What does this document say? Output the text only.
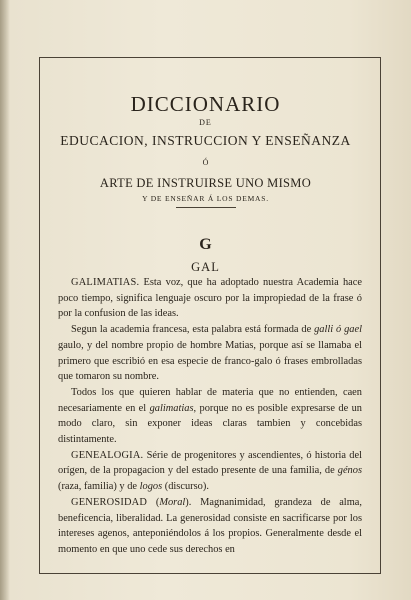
DICCIONARIO
DE
EDUCACION, INSTRUCCION Y ENSEÑANZA
Ó
ARTE DE INSTRUIRSE UNO MISMO
Y DE ENSEÑAR Á LOS DEMAS.
G
GAL

GALIMATIAS. Esta voz, que ha adoptado nuestra Academia hace poco tiempo, significa lenguaje oscuro por la impropiedad de la frase ó por la confusion de las ideas.

Segun la academia francesa, esta palabra está formada de galli ó gael gaulo, y del nombre propio de hombre Matias, porque así se llamaba el primero que escribió en esa especie de franco-galo ó frases embrolladas que tomaron su nombre.

Todos los que quieren hablar de materia que no entienden, caen necesariamente en el galimatias, porque no es posible expresarse de un modo claro, sin exponer ideas claras tambien y concebidas distintamente.

GENEALOGIA. Série de progenitores y ascendientes, ó historia del orígen, de la propagacion y del estado presente de una familia, de génos (raza, familia) y de logos (discurso).

GENEROSIDAD (Moral). Magnanimidad, grandeza de alma, beneficencia, liberalidad. La generosidad consiste en sacrificarse por los intereses agenos, anteponiéndolos á los propios. Generalmente desde el momento en que uno cede sus derechos en
